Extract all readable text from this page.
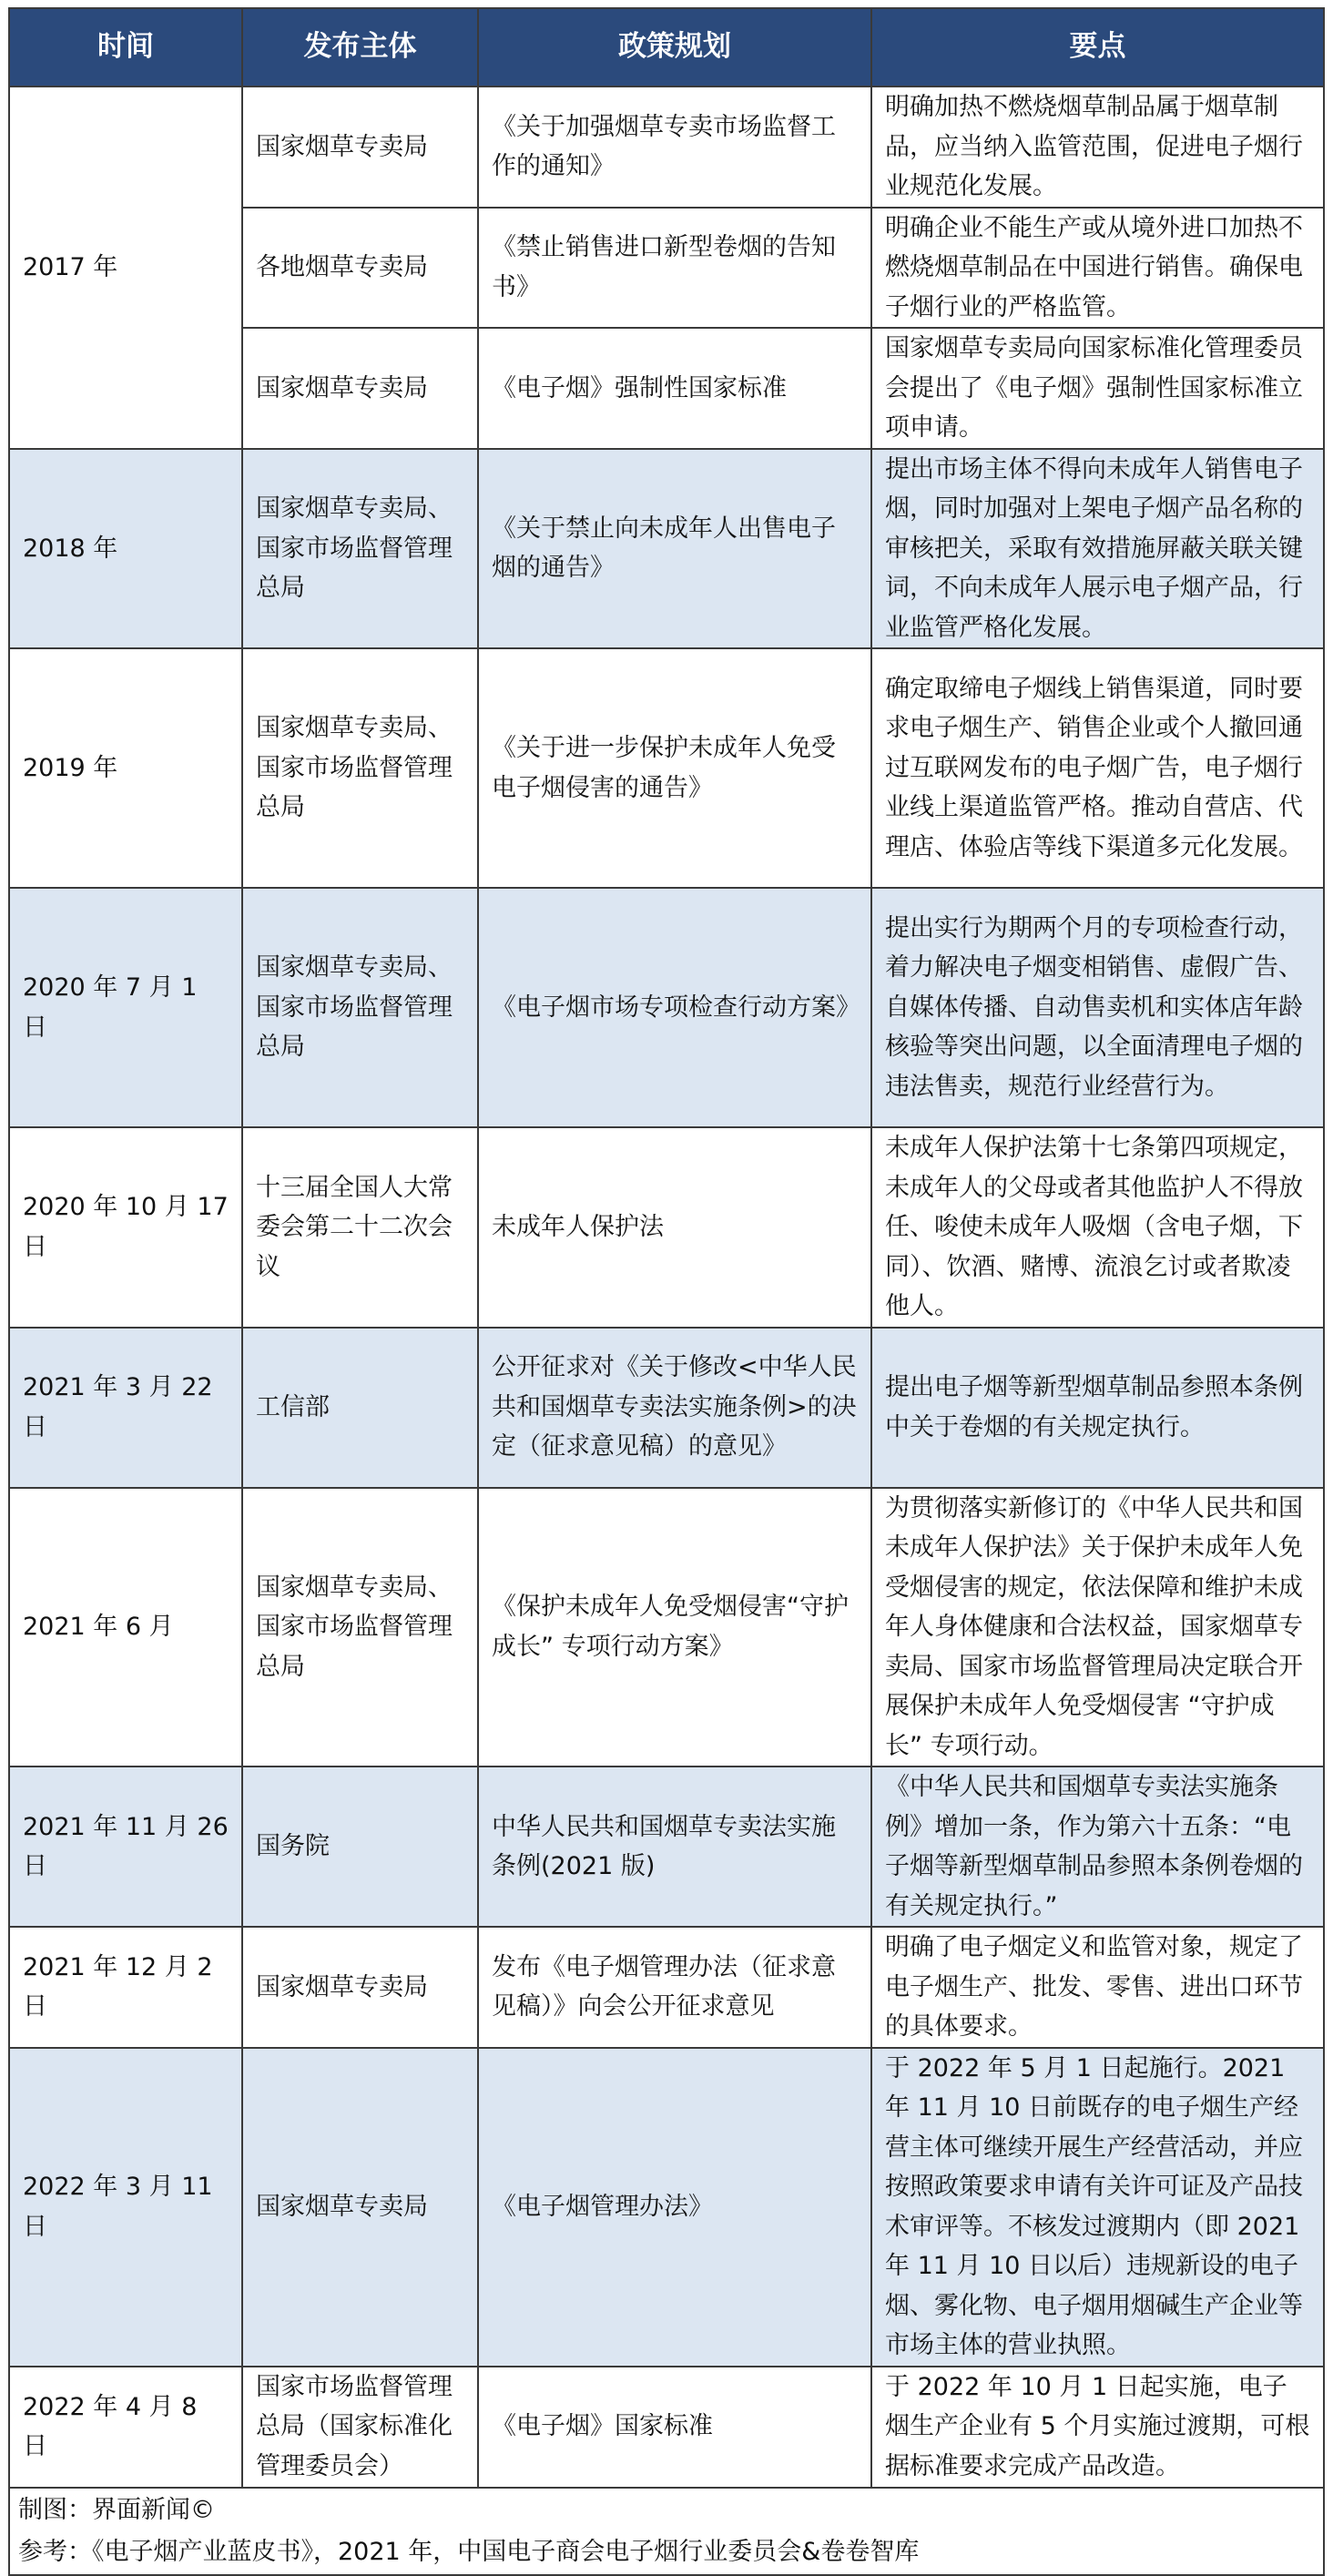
时间	发布主体	政策规划	要点
2017 年	国家烟草专卖局	《关于加强烟草专卖市场监督工作的通知》	明确加热不燃烧烟草制品属于烟草制品，应当纳入监管范围，促进电子烟行业规范化发展。
	各地烟草专卖局	《禁止销售进口新型卷烟的告知书》	明确企业不能生产或从境外进口加热不燃烧烟草制品在中国进行销售。确保电子烟行业的严格监管。
	国家烟草专卖局	《电子烟》强制性国家标准	国家烟草专卖局向国家标准化管理委员会提出了《电子烟》强制性国家标准立项申请。
2018 年	国家烟草专卖局、国家市场监督管理总局	《关于禁止向未成年人出售电子烟的通告》	提出市场主体不得向未成年人销售电子烟，同时加强对上架电子烟产品名称的审核把关，采取有效措施屏蔽关联关键词，不向未成年人展示电子烟产品，行业监管严格化发展。
2019 年	国家烟草专卖局、国家市场监督管理总局	《关于进一步保护未成年人免受电子烟侵害的通告》	确定取缔电子烟线上销售渠道，同时要求电子烟生产、销售企业或个人撤回通过互联网发布的电子烟广告，电子烟行业线上渠道监管严格。推动自营店、代理店、体验店等线下渠道多元化发展。
2020 年 7 月 1 日	国家烟草专卖局、国家市场监督管理总局	《电子烟市场专项检查行动方案》	提出实行为期两个月的专项检查行动，着力解决电子烟变相销售、虚假广告、自媒体传播、自动售卖机和实体店年龄核验等突出问题，以全面清理电子烟的违法售卖，规范行业经营行为。
2020 年 10 月 17 日	十三届全国人大常委会第二十二次会议	未成年人保护法	未成年人保护法第十七条第四项规定，未成年人的父母或者其他监护人不得放任、唆使未成年人吸烟（含电子烟，下同）、饮酒、赌博、流浪乞讨或者欺凌他人。
2021 年 3 月 22 日	工信部	公开征求对《关于修改<中华人民共和国烟草专卖法实施条例>的决定（征求意见稿）的意见》	提出电子烟等新型烟草制品参照本条例中关于卷烟的有关规定执行。
2021 年 6 月	国家烟草专卖局、国家市场监督管理总局	《保护未成年人免受烟侵害“守护成长” 专项行动方案》	为贯彻落实新修订的《中华人民共和国未成年人保护法》关于保护未成年人免受烟侵害的规定，依法保障和维护未成年人身体健康和合法权益，国家烟草专卖局、国家市场监督管理局决定联合开展保护未成年人免受烟侵害 “守护成长” 专项行动。
2021 年 11 月 26 日	国务院	中华人民共和国烟草专卖法实施条例(2021 版)	《中华人民共和国烟草专卖法实施条例》增加一条，作为第六十五条：“电子烟等新型烟草制品参照本条例卷烟的有关规定执行。”
2021 年 12 月 2 日	国家烟草专卖局	发布《电子烟管理办法（征求意见稿）》向会公开征求意见	明确了电子烟定义和监管对象，规定了电子烟生产、批发、零售、进出口环节的具体要求。
2022 年 3 月 11 日	国家烟草专卖局	《电子烟管理办法》	于 2022 年 5 月 1 日起施行。2021 年 11 月 10 日前既存的电子烟生产经营主体可继续开展生产经营活动，并应按照政策要求申请有关许可证及产品技术审评等。不核发过渡期内（即 2021 年 11 月 10 日以后）违规新设的电子烟、雾化物、电子烟用烟碱生产企业等市场主体的营业执照。
2022 年 4 月 8 日	国家市场监督管理总局（国家标准化管理委员会）	《电子烟》国家标准	于 2022 年 10 月 1 日起实施，电子烟生产企业有 5 个月实施过渡期，可根据标准要求完成产品改造。

制图：界面新闻©
参考：《电子烟产业蓝皮书》，2021 年，中国电子商会电子烟行业委员会&卷卷智库			
